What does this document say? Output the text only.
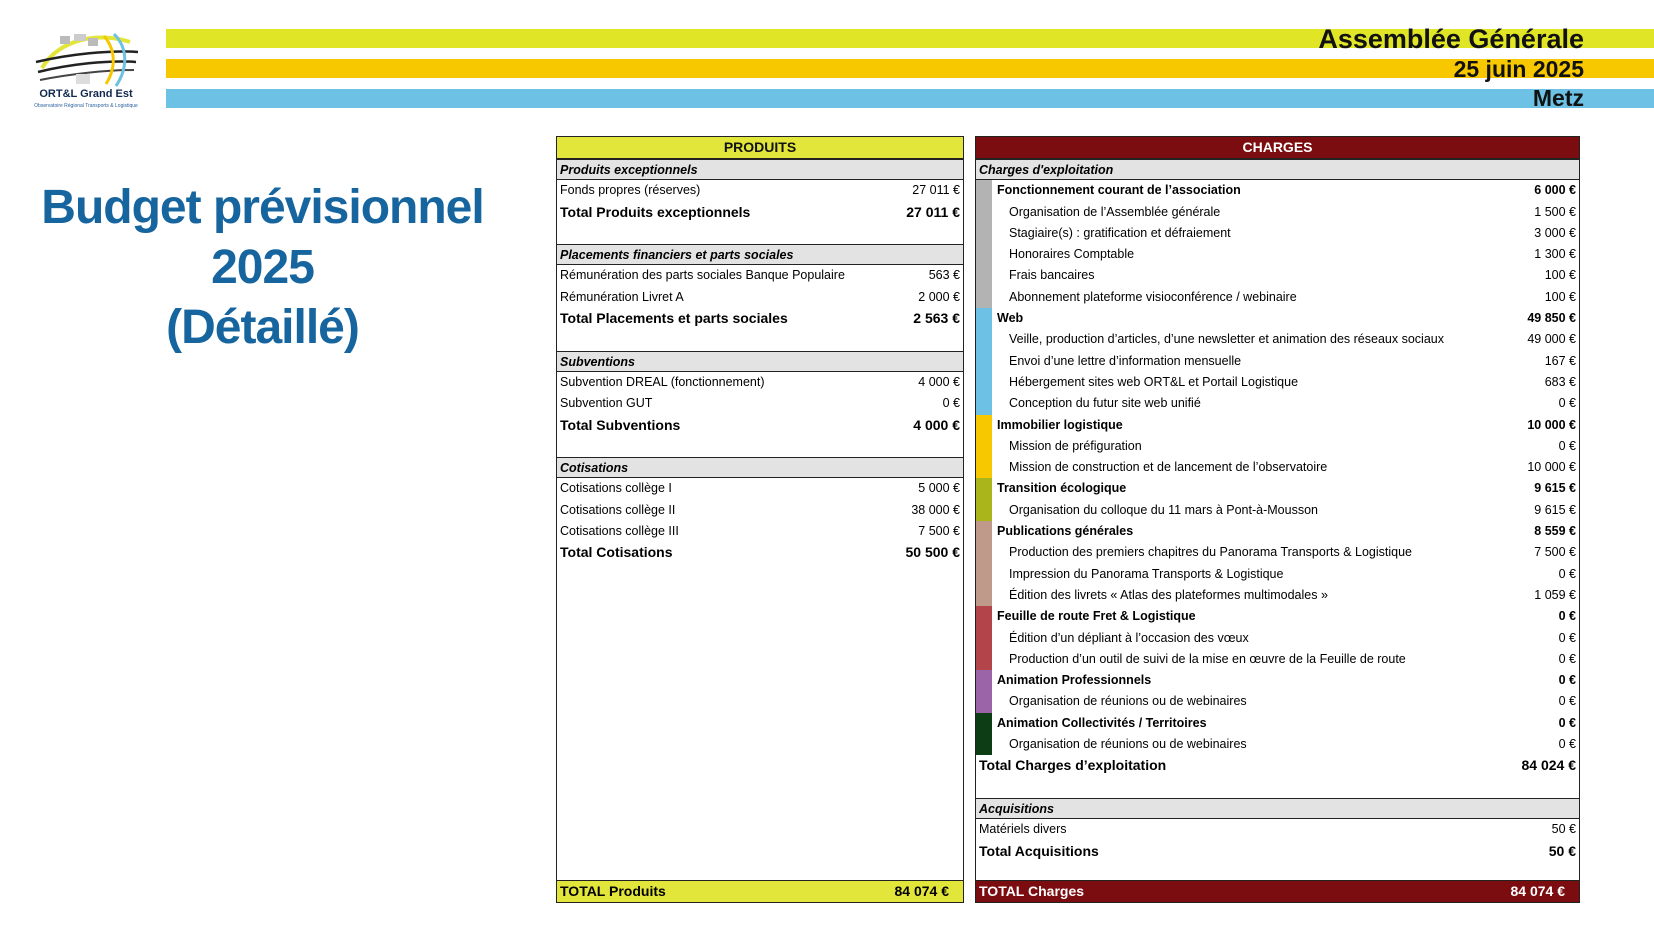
Assemblée Générale
25 juin 2025
Metz
ORT&L Grand Est
Observatoire Régional Transports & Logistique
Budget prévisionnel
2025
(Détaillé)
PRODUITS
Produits exceptionnels
Fonds propres (réserves)	27 011 €
Total Produits exceptionnels	27 011 €
Placements financiers et parts sociales
Rémunération des parts sociales Banque Populaire	563 €
Rémunération Livret A	2 000 €
Total Placements et parts sociales	2 563 €
Subventions
Subvention DREAL (fonctionnement)	4 000 €
Subvention GUT	0 €
Total Subventions	4 000 €
Cotisations
Cotisations collège I	5 000 €
Cotisations collège II	38 000 €
Cotisations collège III	7 500 €
Total Cotisations	50 500 €
TOTAL Produits	84 074 €
CHARGES
Charges d'exploitation
Fonctionnement courant de l’association	6 000 €
Organisation de l’Assemblée générale	1 500 €
Stagiaire(s) : gratification et défraiement	3 000 €
Honoraires Comptable	1 300 €
Frais bancaires	100 €
Abonnement plateforme visioconférence / webinaire	100 €
Web	49 850 €
Veille, production d’articles, d’une newsletter et animation des réseaux sociaux	49 000 €
Envoi d’une lettre d’information mensuelle	167 €
Hébergement sites web ORT&L et Portail Logistique	683 €
Conception du futur site web unifié	0 €
Immobilier logistique	10 000 €
Mission de préfiguration	0 €
Mission de construction et de lancement de l’observatoire	10 000 €
Transition écologique	9 615 €
Organisation du colloque du 11 mars à Pont-à-Mousson	9 615 €
Publications générales	8 559 €
Production des premiers chapitres du Panorama Transports & Logistique	7 500 €
Impression du Panorama Transports & Logistique	0 €
Édition des livrets « Atlas des plateformes multimodales »	1 059 €
Feuille de route Fret & Logistique	0 €
Édition d’un dépliant à l’occasion des vœux	0 €
Production d’un outil de suivi de la mise en œuvre de la Feuille de route	0 €
Animation Professionnels	0 €
Organisation de réunions ou de webinaires	0 €
Animation Collectivités / Territoires	0 €
Organisation de réunions ou de webinaires	0 €
Total Charges d’exploitation	84 024 €
Acquisitions
Matériels divers	50 €
Total Acquisitions	50 €
TOTAL Charges	84 074 €
